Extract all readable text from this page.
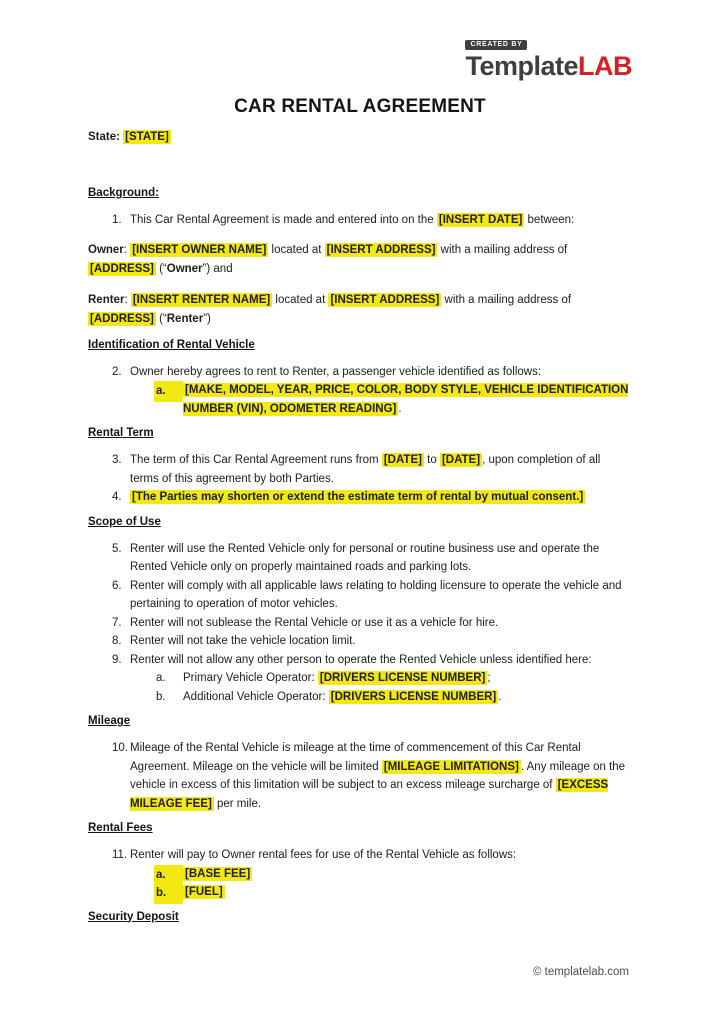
CREATED BY
TemplateLAB
CAR RENTAL AGREEMENT

State: [STATE]

Background:

1. This Car Rental Agreement is made and entered into on the [INSERT DATE] between:

Owner: [INSERT OWNER NAME] located at [INSERT ADDRESS] with a mailing address of [ADDRESS] (“Owner”) and

Renter: [INSERT RENTER NAME] located at [INSERT ADDRESS] with a mailing address of [ADDRESS] (“Renter”)

Identification of Rental Vehicle

2. Owner hereby agrees to rent to Renter, a passenger vehicle identified as follows:

a.	[MAKE, MODEL, YEAR, PRICE, COLOR, BODY STYLE, VEHICLE IDENTIFICATION NUMBER (VIN), ODOMETER READING] .

Rental Term

3. The term of this Car Rental Agreement runs from [DATE] to [DATE] , upon completion of all terms of this agreement by both Parties.

4. [The Parties may shorten or extend the estimate term of rental by mutual consent.]

Scope of Use

5. Renter will use the Rented Vehicle only for personal or routine business use and operate the Rented Vehicle only on properly maintained roads and parking lots.

6. Renter will comply with all applicable laws relating to holding licensure to operate the vehicle and pertaining to operation of motor vehicles.

7. Renter will not sublease the Rental Vehicle or use it as a vehicle for hire.

8. Renter will not take the vehicle location limit.

9. Renter will not allow any other person to operate the Rented Vehicle unless identified here:

a. Primary Vehicle Operator: [DRIVERS LICENSE NUMBER] ;

b. Additional Vehicle Operator: [DRIVERS LICENSE NUMBER] .

Mileage

10. Mileage of the Rental Vehicle is mileage at the time of commencement of this Car Rental Agreement. Mileage on the vehicle will be limited [MILEAGE LIMITATIONS] . Any mileage on the vehicle in excess of this limitation will be subject to an excess mileage surcharge of [EXCESS MILEAGE FEE] per mile.

Rental Fees

11. Renter will pay to Owner rental fees for use of the Rental Vehicle as follows:

a.	[BASE FEE]

b.	[FUEL]

Security Deposit
© templatelab.com
